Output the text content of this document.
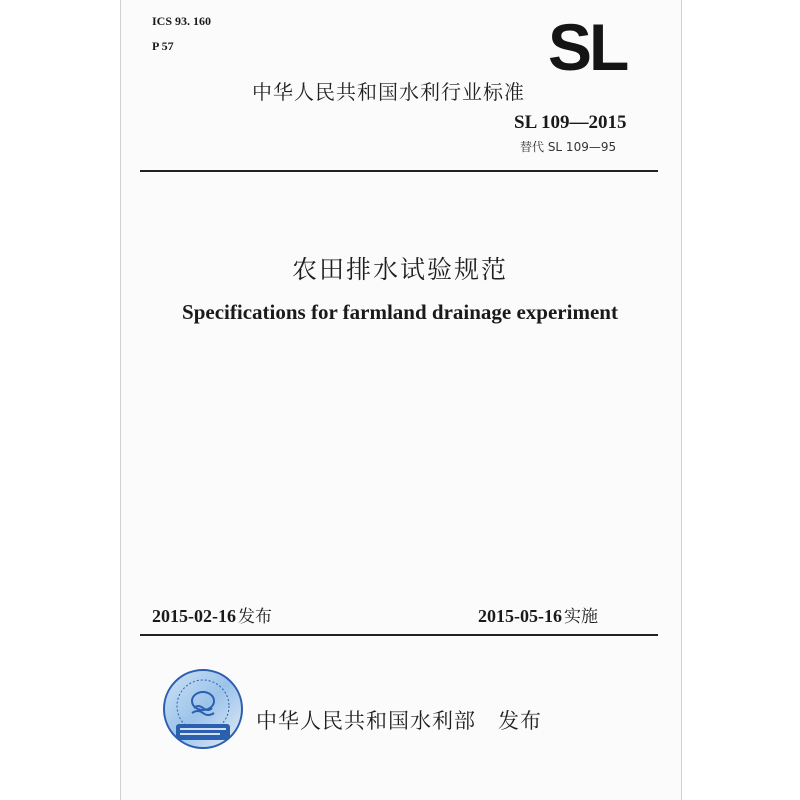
ICS 93. 160
P 57	SL
中华人民共和国水利行业标准
SL 109—2015
替代 SL 109—95
农田排水试验规范
Specifications for farmland drainage experiment
2015-02-16 发布	2015-05-16 实施
中华人民共和国水利部 发布
